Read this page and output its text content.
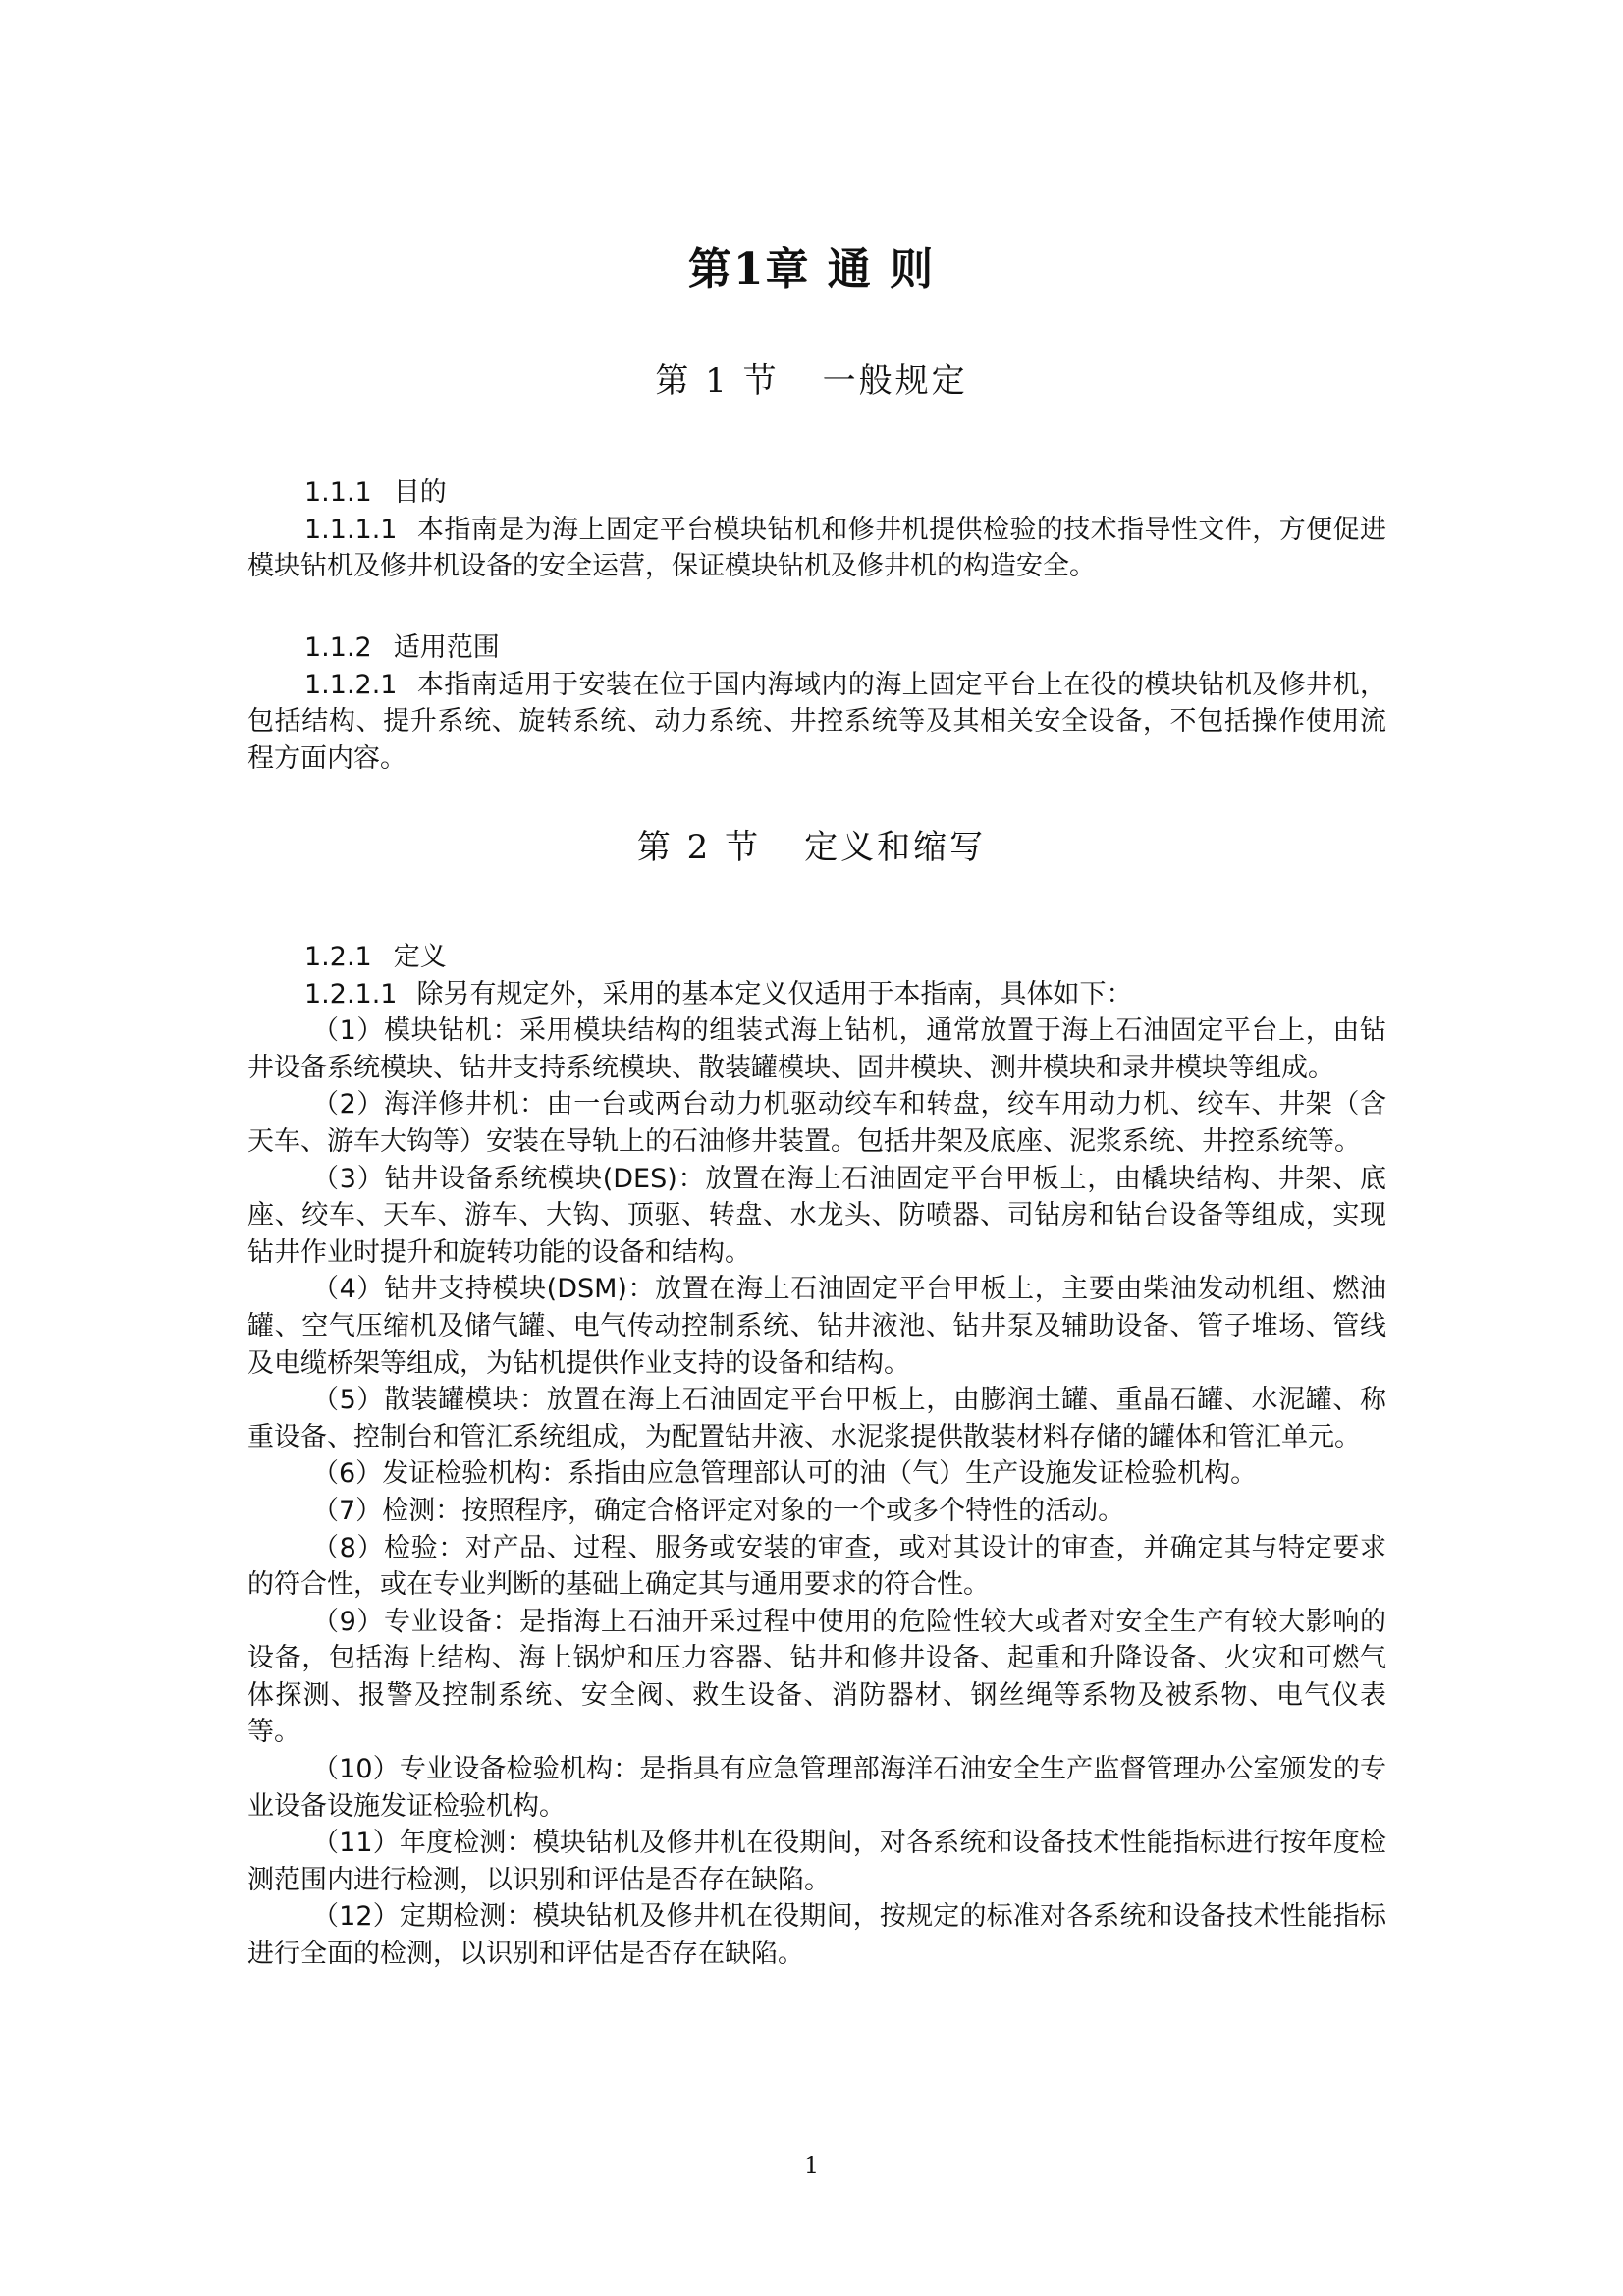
第1章 通 则
第 1 节 一般规定
1.1.1 目的
1.1.1.1 本指南是为海上固定平台模块钻机和修井机提供检验的技术指导性文件，方便促进模块钻机及修井机设备的安全运营，保证模块钻机及修井机的构造安全。
1.1.2 适用范围
1.1.2.1 本指南适用于安装在位于国内海域内的海上固定平台上在役的模块钻机及修井机，包括结构、提升系统、旋转系统、动力系统、井控系统等及其相关安全设备，不包括操作使用流程方面内容。
第 2 节 定义和缩写
1.2.1 定义
1.2.1.1 除另有规定外，采用的基本定义仅适用于本指南，具体如下：
（1）模块钻机：采用模块结构的组装式海上钻机，通常放置于海上石油固定平台上，由钻井设备系统模块、钻井支持系统模块、散装罐模块、固井模块、测井模块和录井模块等组成。
（2）海洋修井机：由一台或两台动力机驱动绞车和转盘，绞车用动力机、绞车、井架（含天车、游车大钩等）安装在导轨上的石油修井装置。包括井架及底座、泥浆系统、井控系统等。
（3）钻井设备系统模块(DES)：放置在海上石油固定平台甲板上，由橇块结构、井架、底座、绞车、天车、游车、大钩、顶驱、转盘、水龙头、防喷器、司钻房和钻台设备等组成，实现钻井作业时提升和旋转功能的设备和结构。
（4）钻井支持模块(DSM)：放置在海上石油固定平台甲板上，主要由柴油发动机组、燃油罐、空气压缩机及储气罐、电气传动控制系统、钻井液池、钻井泵及辅助设备、管子堆场、管线及电缆桥架等组成，为钻机提供作业支持的设备和结构。
（5）散装罐模块：放置在海上石油固定平台甲板上，由膨润土罐、重晶石罐、水泥罐、称重设备、控制台和管汇系统组成，为配置钻井液、水泥浆提供散装材料存储的罐体和管汇单元。
（6）发证检验机构：系指由应急管理部认可的油（气）生产设施发证检验机构。
（7）检测：按照程序，确定合格评定对象的一个或多个特性的活动。
（8）检验：对产品、过程、服务或安装的审查，或对其设计的审查，并确定其与特定要求的符合性，或在专业判断的基础上确定其与通用要求的符合性。
（9）专业设备：是指海上石油开采过程中使用的危险性较大或者对安全生产有较大影响的设备，包括海上结构、海上锅炉和压力容器、钻井和修井设备、起重和升降设备、火灾和可燃气体探测、报警及控制系统、安全阀、救生设备、消防器材、钢丝绳等系物及被系物、电气仪表等。
（10）专业设备检验机构：是指具有应急管理部海洋石油安全生产监督管理办公室颁发的专业设备设施发证检验机构。
（11）年度检测：模块钻机及修井机在役期间，对各系统和设备技术性能指标进行按年度检测范围内进行检测，以识别和评估是否存在缺陷。
（12）定期检测：模块钻机及修井机在役期间，按规定的标准对各系统和设备技术性能指标进行全面的检测，以识别和评估是否存在缺陷。
1
